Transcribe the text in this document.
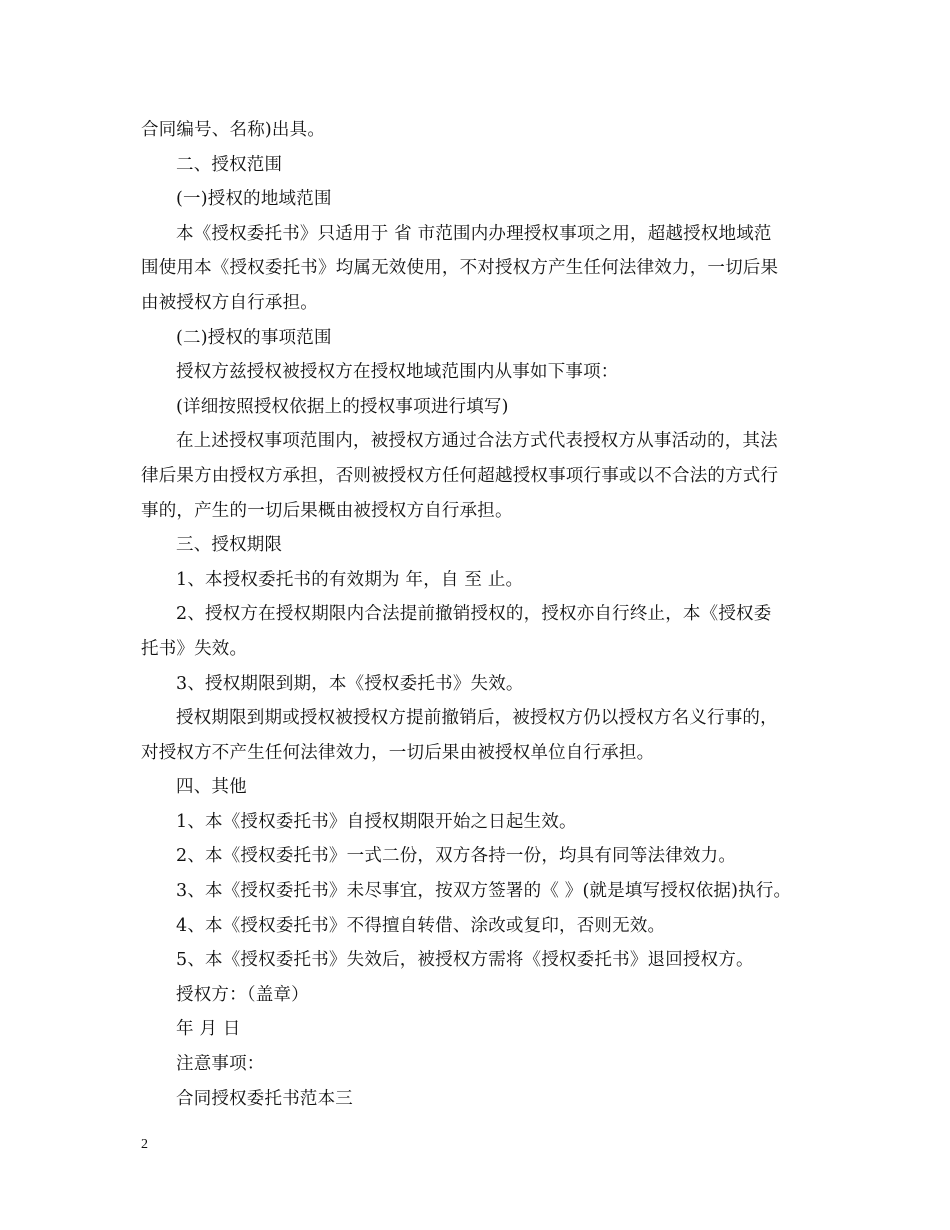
合同编号、名称)出具。
二、授权范围
(一)授权的地域范围
本《授权委托书》只适用于 省 市范围内办理授权事项之用，超越授权地域范
围使用本《授权委托书》均属无效使用，不对授权方产生任何法律效力，一切后果
由被授权方自行承担。
(二)授权的事项范围
授权方兹授权被授权方在授权地域范围内从事如下事项：
(详细按照授权依据上的授权事项进行填写)
在上述授权事项范围内，被授权方通过合法方式代表授权方从事活动的，其法
律后果方由授权方承担，否则被授权方任何超越授权事项行事或以不合法的方式行
事的，产生的一切后果概由被授权方自行承担。
三、授权期限
1、本授权委托书的有效期为 年，自 至 止。
2、授权方在授权期限内合法提前撤销授权的，授权亦自行终止，本《授权委
托书》失效。
3、授权期限到期，本《授权委托书》失效。
授权期限到期或授权被授权方提前撤销后，被授权方仍以授权方名义行事的，
对授权方不产生任何法律效力，一切后果由被授权单位自行承担。
四、其他
1、本《授权委托书》自授权期限开始之日起生效。
2、本《授权委托书》一式二份，双方各持一份，均具有同等法律效力。
3、本《授权委托书》未尽事宜，按双方签署的《 》(就是填写授权依据)执行。
4、本《授权委托书》不得擅自转借、涂改或复印，否则无效。
5、本《授权委托书》失效后，被授权方需将《授权委托书》退回授权方。
授权方：（盖章）
年 月 日
注意事项：
合同授权委托书范本三
2
